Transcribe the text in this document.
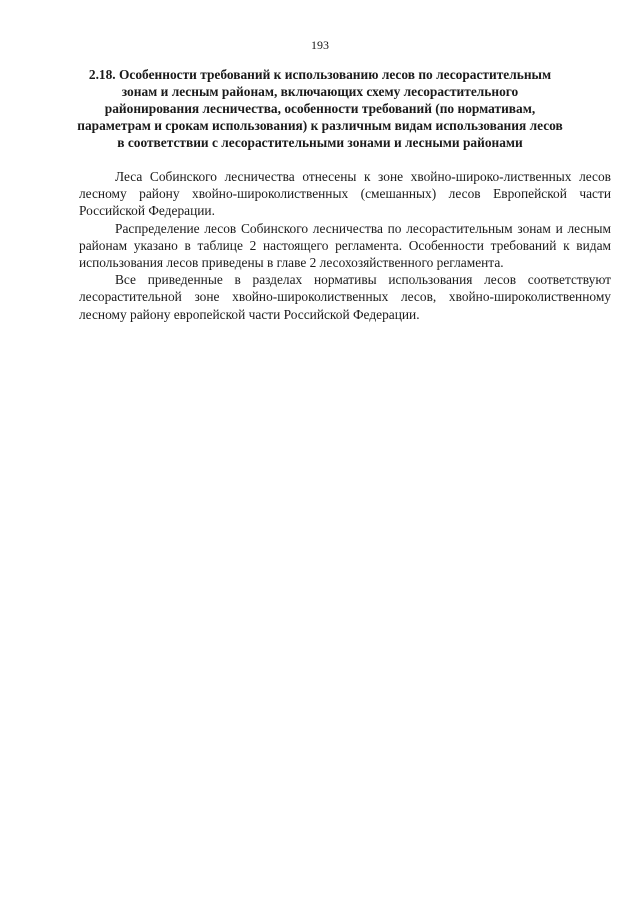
193
2.18. Особенности требований к использованию лесов по лесорастительным зонам и лесным районам, включающих схему лесорастительного районирования лесничества, особенности требований (по нормативам, параметрам и срокам использования) к различным видам использования лесов в соответствии с лесорастительными зонами и лесными районами

Леса Собинского лесничества отнесены к зоне хвойно-широко-лиственных лесов лесному району хвойно-широколиственных (смешанных) лесов Европейской части Российской Федерации.

Распределение лесов Собинского лесничества по лесорастительным зонам и лесным районам указано в таблице 2 настоящего регламента. Особенности требований к видам использования лесов приведены в главе 2 лесохозяйственного регламента.

Все приведенные в разделах нормативы использования лесов соответствуют лесорастительной зоне хвойно-широколиственных лесов, хвойно-широколиственному лесному району европейской части Российской Федерации.
